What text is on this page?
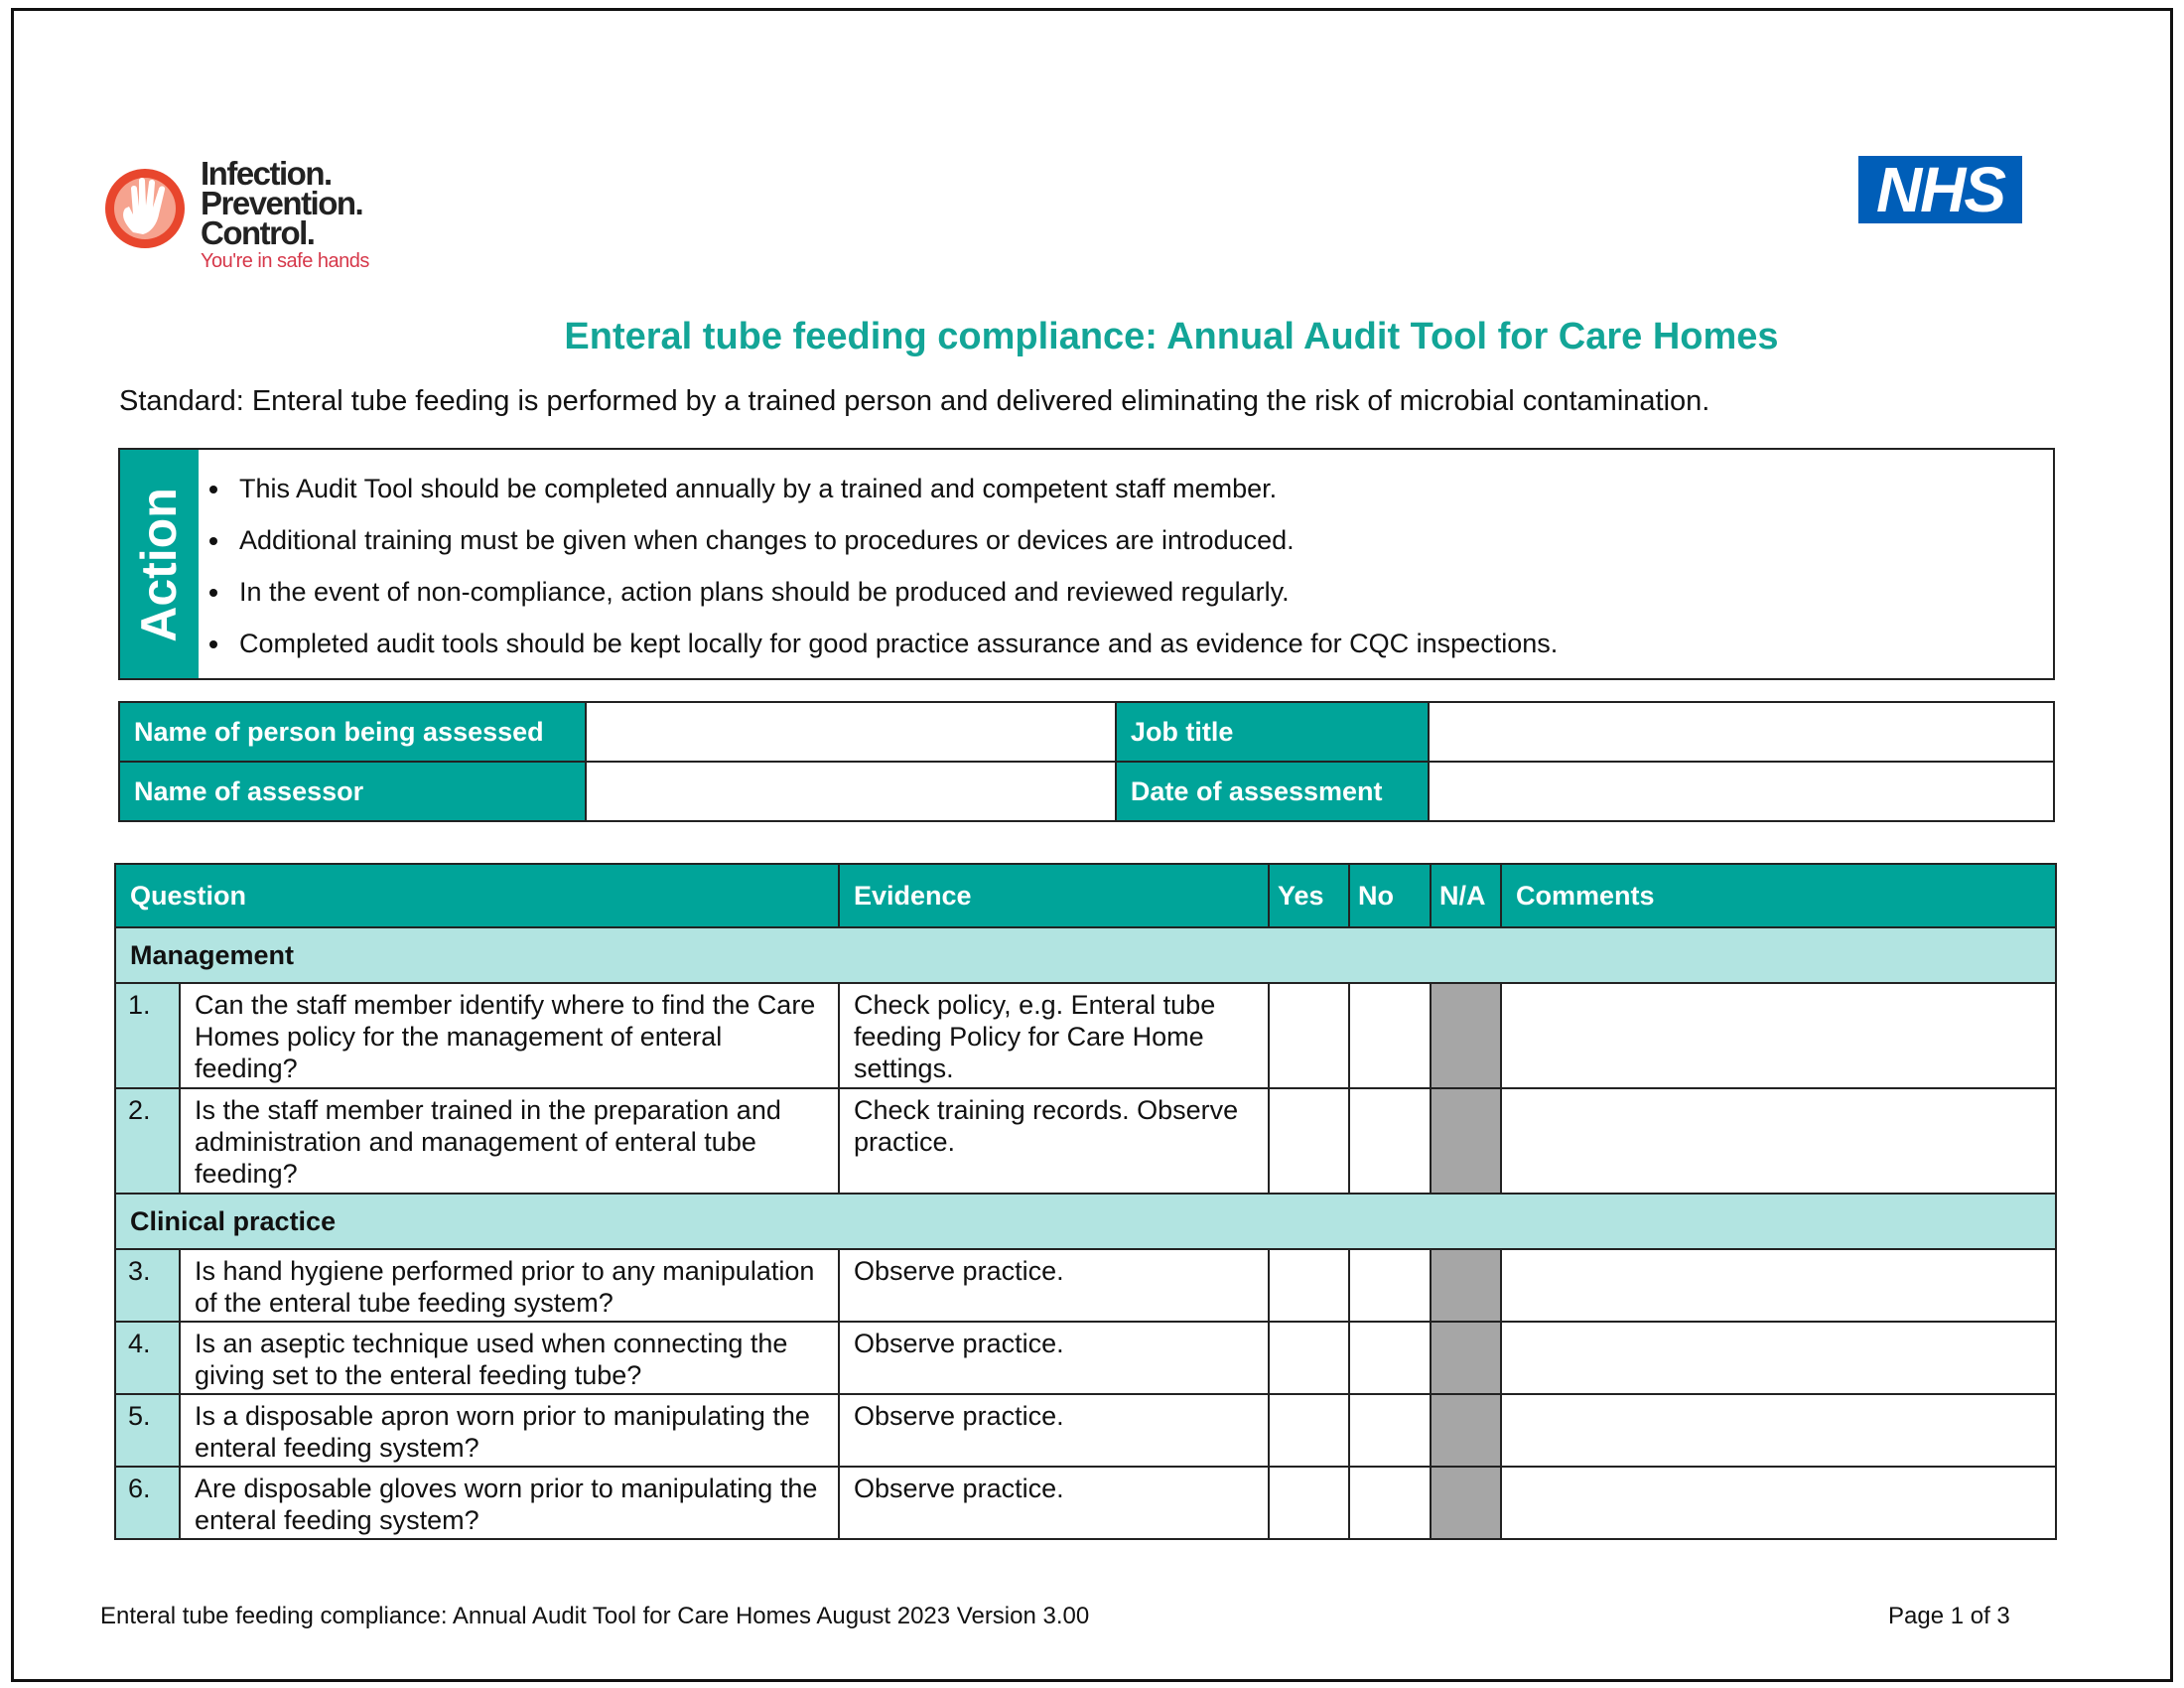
Infection.
Prevention.
Control.
You're in safe hands
NHS
Enteral tube feeding compliance: Annual Audit Tool for Care Homes
Standard: Enteral tube feeding is performed by a trained person and delivered eliminating the risk of microbial contamination.
Action This Audit Tool should be completed annually by a trained and competent staff member.
Additional training must be given when changes to procedures or devices are introduced.
In the event of non-compliance, action plans should be produced and reviewed regularly.
Completed audit tools should be kept locally for good practice assurance and as evidence for CQC inspections.
Name of person being assessed		Job title	
Name of assessor		Date of assessment	
Question		Evidence	Yes	No	N/A	Comments
Management						
1.	Can the staff member identify where to find the Care Homes policy for the management of enteral feeding?	Check policy, e.g. Enteral tube feeding Policy for Care Home settings.				
2.	Is the staff member trained in the preparation and administration and management of enteral tube feeding?	Check training records. Observe practice.				
Clinical practice						
3.	Is hand hygiene performed prior to any manipulation of the enteral tube feeding system?	Observe practice.				
4.	Is an aseptic technique used when connecting the giving set to the enteral feeding tube?	Observe practice.				
5.	Is a disposable apron worn prior to manipulating the enteral feeding system?	Observe practice.				
6.	Are disposable gloves worn prior to manipulating the enteral feeding system?	Observe practice.				
Enteral tube feeding compliance: Annual Audit Tool for Care Homes August 2023 Version 3.00	Page 1 of 3
